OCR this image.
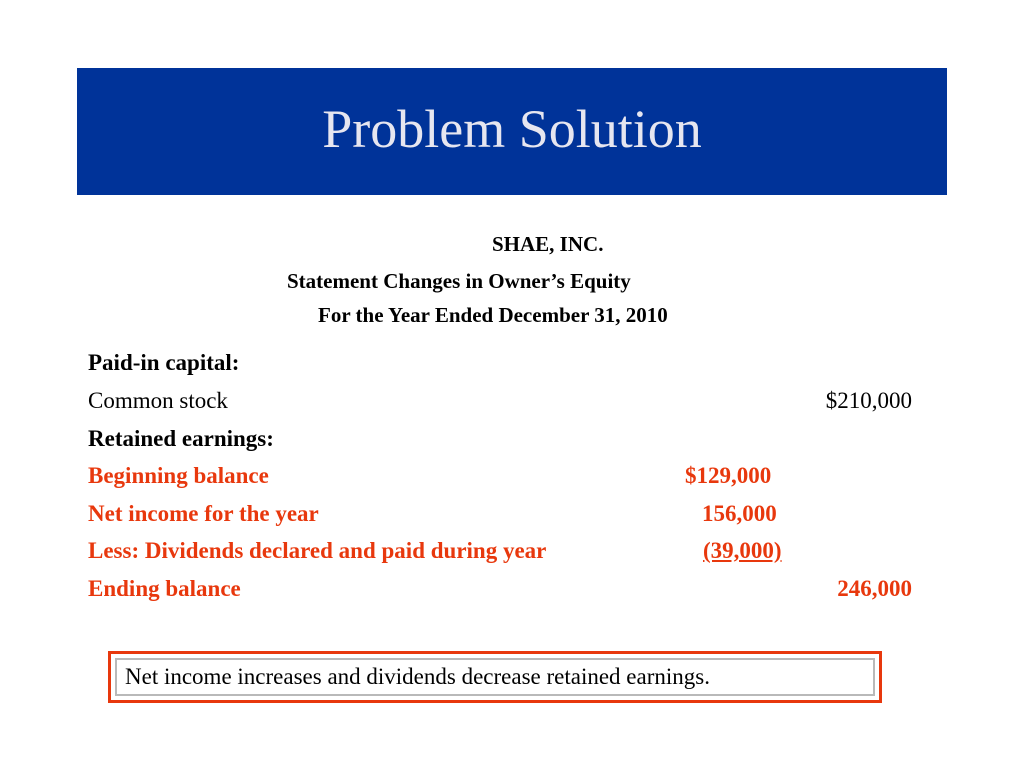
Problem Solution
SHAE, INC.
Statement Changes in Owner’s Equity
For the Year Ended December 31, 2010
Paid-in capital:
Common stock	$210,000
Retained earnings:
Beginning balance	$129,000
Net income for the year	156,000
Less: Dividends declared and paid during year	(39,000)
Ending balance	246,000
Net income increases and dividends decrease retained earnings.
